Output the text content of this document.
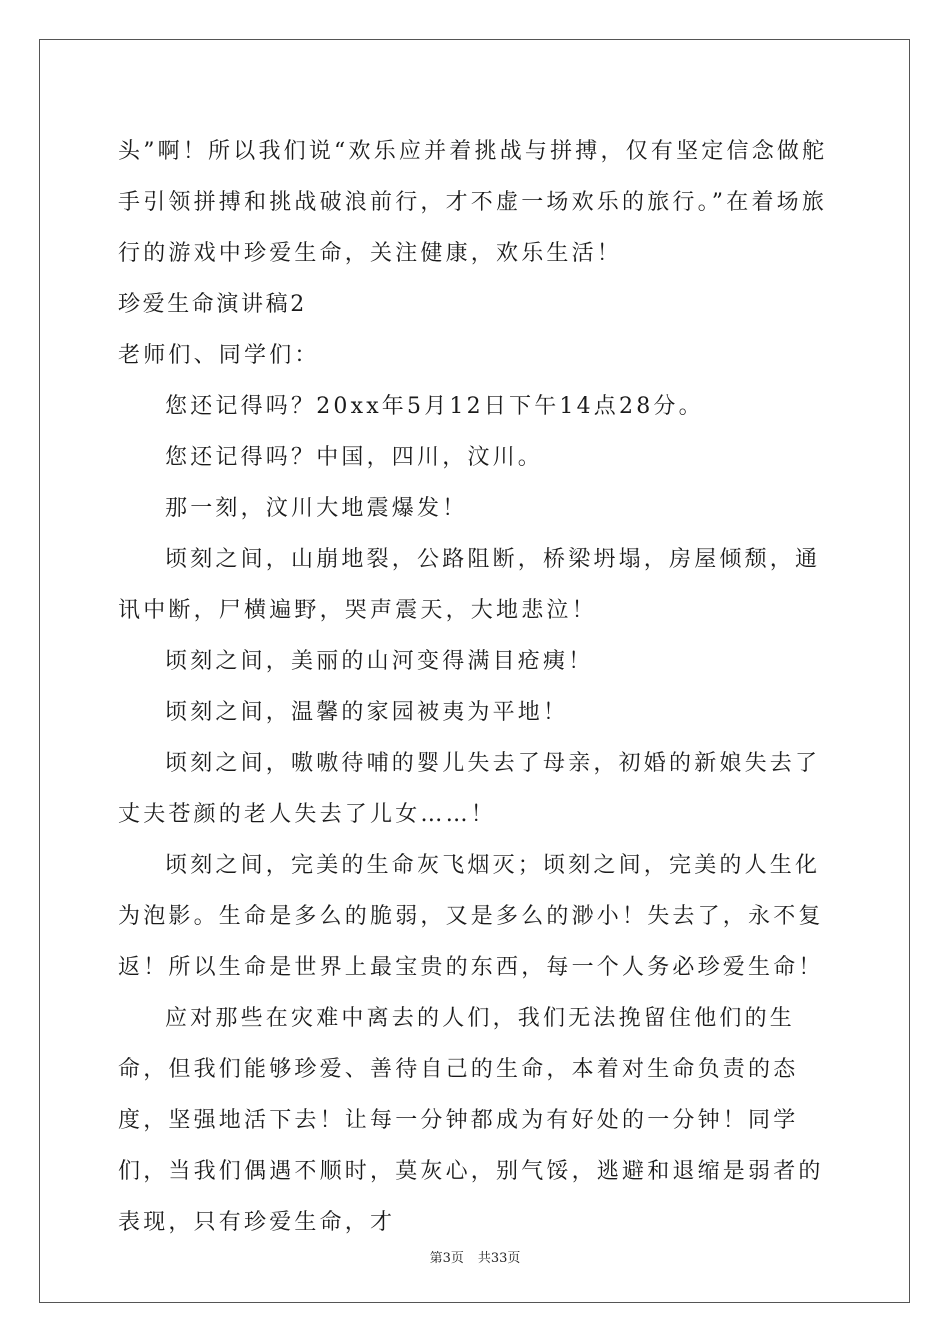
头”啊！所以我们说“欢乐应并着挑战与拼搏，仅有坚定信念做舵手引领拼搏和挑战破浪前行，才不虚一场欢乐的旅行。”在着场旅行的游戏中珍爱生命，关注健康，欢乐生活！

珍爱生命演讲稿2

老师们、同学们：

您还记得吗？20xx年5月12日下午14点28分。

您还记得吗？中国，四川，汶川。

那一刻，汶川大地震爆发！

顷刻之间，山崩地裂，公路阻断，桥梁坍塌，房屋倾颓，通讯中断，尸横遍野，哭声震天，大地悲泣！

顷刻之间，美丽的山河变得满目疮痍！

顷刻之间，温馨的家园被夷为平地！

顷刻之间，嗷嗷待哺的婴儿失去了母亲，初婚的新娘失去了丈夫苍颜的老人失去了儿女……！

顷刻之间，完美的生命灰飞烟灭；顷刻之间，完美的人生化为泡影。生命是多么的脆弱，又是多么的渺小！失去了，永不复返！所以生命是世界上最宝贵的东西，每一个人务必珍爱生命！

应对那些在灾难中离去的人们，我们无法挽留住他们的生命，但我们能够珍爱、善待自己的生命，本着对生命负责的态度，坚强地活下去！让每一分钟都成为有好处的一分钟！同学们，当我们偶遇不顺时，莫灰心，别气馁，逃避和退缩是弱者的表现，只有珍爱生命，才

第3页 共33页
